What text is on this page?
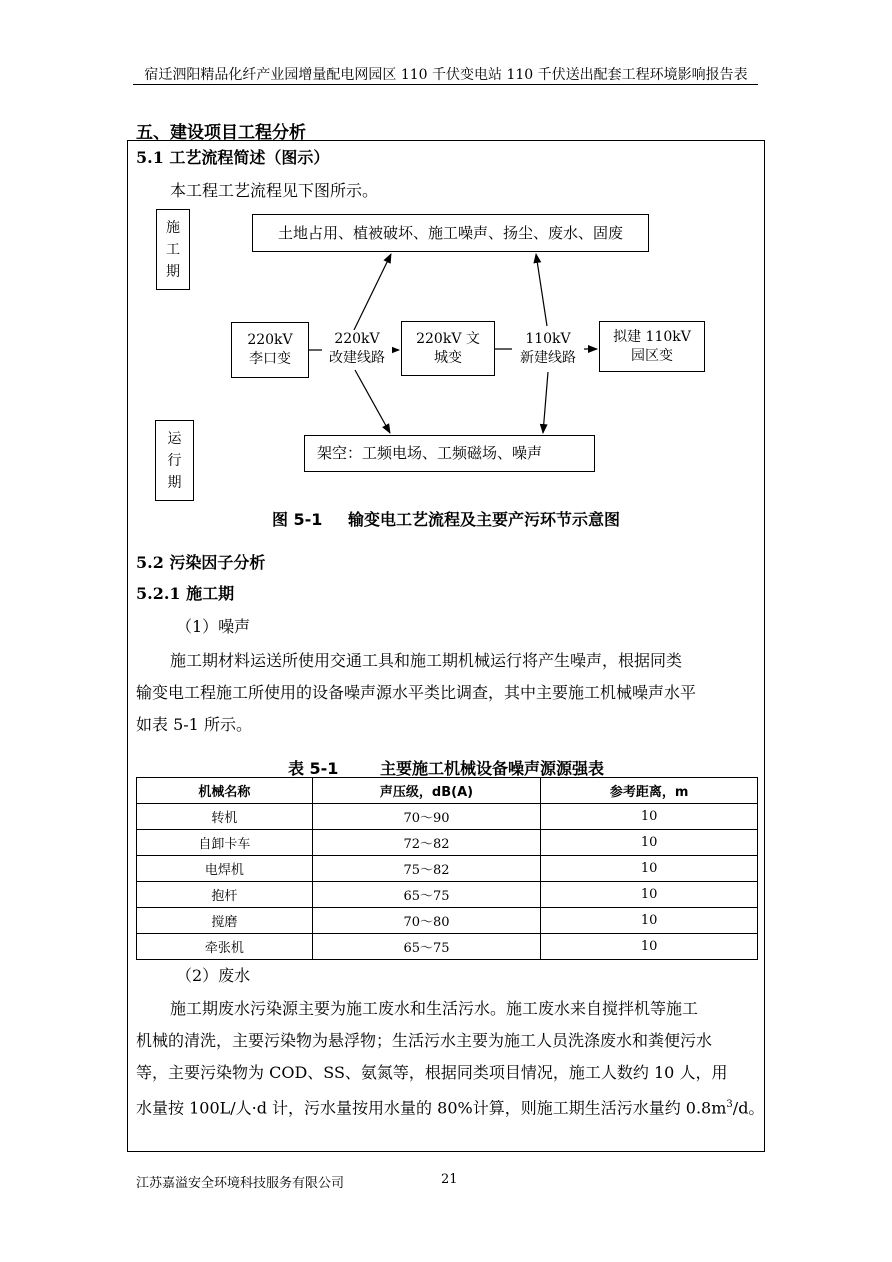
宿迁泗阳精品化纤产业园增量配电网园区 110 千伏变电站 110 千伏送出配套工程环境影响报告表
五、建设项目工程分析
5.1 工艺流程简述（图示）
本工程工艺流程见下图所示。
施
工
期
土地占用、植被破坏、施工噪声、扬尘、废水、固废
220kV
李口变
220kV 文
城变
拟建 110kV
园区变
220kV
改建线路
110kV
新建线路
运
行
期
架空：工频电场、工频磁场、噪声
图 5-1 输变电工艺流程及主要产污环节示意图
5.2 污染因子分析
5.2.1 施工期
（1）噪声
施工期材料运送所使用交通工具和施工期机械运行将产生噪声，根据同类
输变电工程施工所使用的设备噪声源水平类比调查，其中主要施工机械噪声水平
如表 5-1 所示。
表 5-1	主要施工机械设备噪声源源强表
机械名称	声压级，dB(A)	参考距离，m
转机	70～90	10
自卸卡车	72～82	10
电焊机	75～82	10
抱杆	65～75	10
搅磨	70～80	10
牵张机	65～75	10
（2）废水
施工期废水污染源主要为施工废水和生活污水。施工废水来自搅拌机等施工
机械的清洗，主要污染物为悬浮物；生活污水主要为施工人员洗涤废水和粪便污水
等，主要污染物为 COD、SS、氨氮等，根据同类项目情况，施工人数约 10 人，用
水量按 100L/人·d 计，污水量按用水量的 80%计算，则施工期生活污水量约 $0.8m^3/d$。
江苏嘉溢安全环境科技服务有限公司	21
